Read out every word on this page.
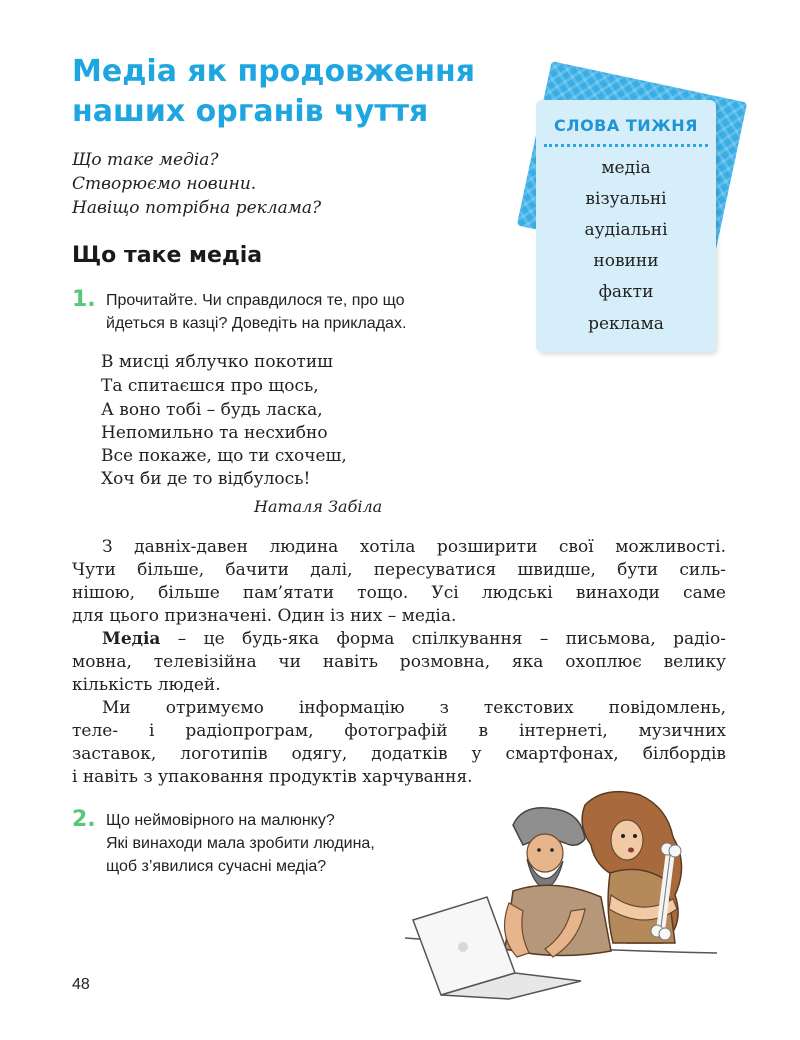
Медіа як продовження
наших органів чуття
Що таке медіа?
Створюємо новини.
Навіщо потрібна реклама?
Що таке медіа
1. Прочитайте. Чи справдилося те, про що
йдеться в казці? Доведіть на прикладах.
В мисці яблучко покотиш
Та спитаєшся про щось,
А воно тобі – будь ласка,
Непомильно та несхибно
Все покаже, що ти схочеш,
Хоч би де то відбулось!
Наталя Забіла

З давніх-давен людина хотіла розширити свої можливості.

Чути більше, бачити далі, пересуватися швидше, бути силь-

нішою, більше пам’ятати тощо. Усі людські винаходи саме

для цього призначені. Один із них – медіа.

Медіа – це будь-яка форма спілкування – письмова, радіо-

мовна, телевізійна чи навіть розмовна, яка охоплює велику

кількість людей.

Ми отримуємо інформацію з текстових повідомлень,

теле- і радіопрограм, фотографій в інтернеті, музичних

заставок, логотипів одягу, додатків у смартфонах, білбордів

і навіть з упаковання продуктів харчування.

2. Що неймовірного на малюнку?
Які винаходи мала зробити людина,
щоб з’явилися сучасні медіа?
СЛОВА ТИЖНЯ
медіа
візуальні
аудіальні
новини
факти
реклама
48
